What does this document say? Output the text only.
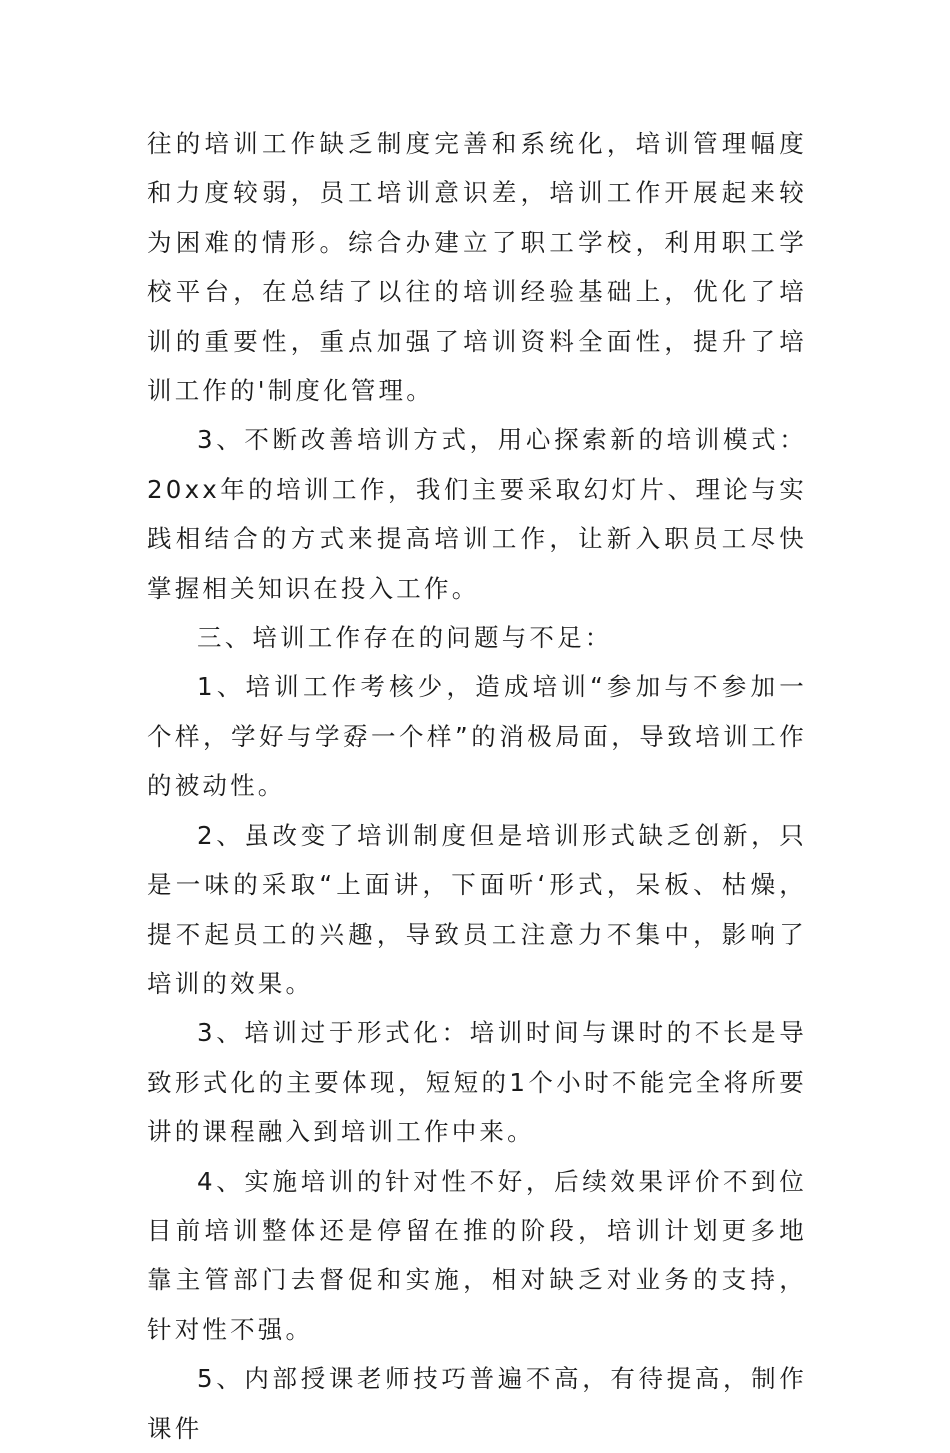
往的培训工作缺乏制度完善和系统化，培训管理幅度和力度较弱，员工培训意识差，培训工作开展起来较为困难的情形。综合办建立了职工学校，利用职工学校平台，在总结了以往的培训经验基础上，优化了培训的重要性，重点加强了培训资料全面性，提升了培训工作的'制度化管理。

3、不断改善培训方式，用心探索新的培训模式：20xx年的培训工作，我们主要采取幻灯片、理论与实践相结合的方式来提高培训工作，让新入职员工尽快掌握相关知识在投入工作。

三、培训工作存在的问题与不足：

1、培训工作考核少，造成培训“参加与不参加一个样，学好与学孬一个样”的消极局面，导致培训工作的被动性。

2、虽改变了培训制度但是培训形式缺乏创新，只是一味的采取“上面讲，下面听‘形式，呆板、枯燥，提不起员工的兴趣，导致员工注意力不集中，影响了培训的效果。

3、培训过于形式化：培训时间与课时的不长是导致形式化的主要体现，短短的1个小时不能完全将所要讲的课程融入到培训工作中来。

4、实施培训的针对性不好，后续效果评价不到位目前培训整体还是停留在推的阶段，培训计划更多地靠主管部门去督促和实施，相对缺乏对业务的支持，针对性不强。

5、内部授课老师技巧普遍不高，有待提高，制作课件
